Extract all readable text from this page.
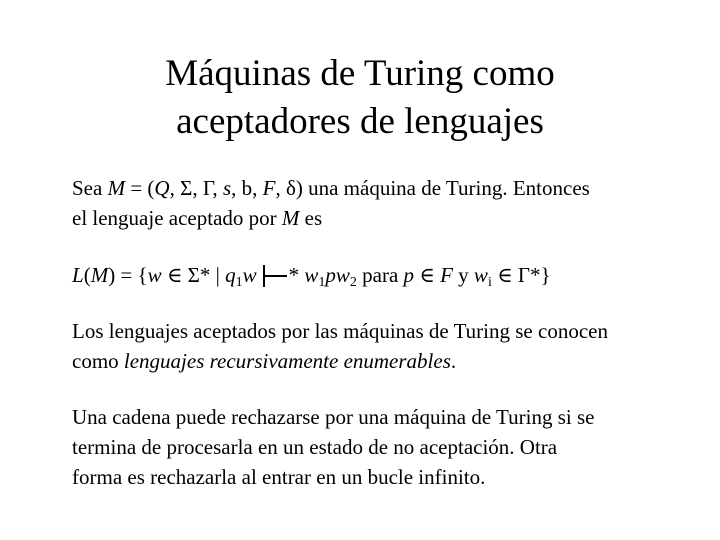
Máquinas de Turing como
aceptadores de lenguajes
Sea M = (Q, Σ, Γ, s, b, F, δ) una máquina de Turing. Entonces
el lenguaje aceptado por M es
L(M) = {w ∈ Σ* | $q_1w * w_1pw_2$ para p ∈ F y $w_i$ ∈ Γ*}
Los lenguajes aceptados por las máquinas de Turing se conocen
como lenguajes recursivamente enumerables.
Una cadena puede rechazarse por una máquina de Turing si se
termina de procesarla en un estado de no aceptación. Otra
forma es rechazarla al entrar en un bucle infinito.
